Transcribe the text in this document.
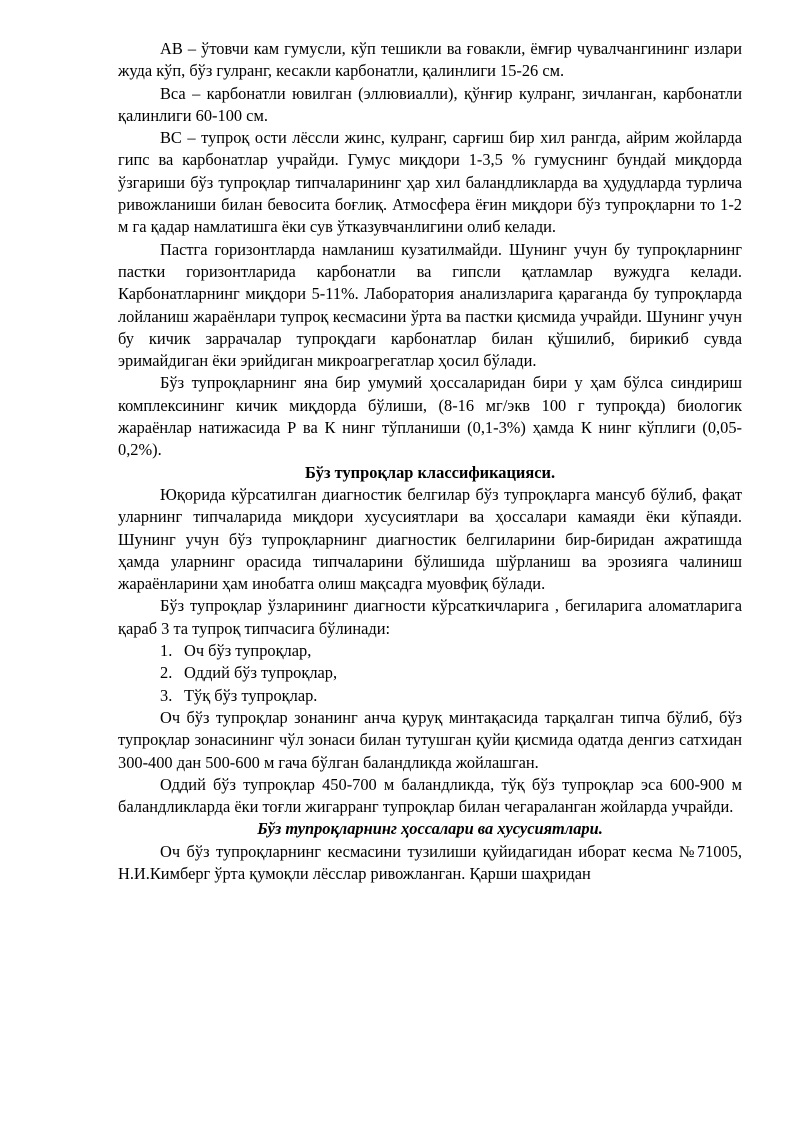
АВ – ўтовчи кам гумусли, кўп тешикли ва ғовакли, ёмғир чувалчангининг излари жуда кўп, бўз гулранг, кесакли карбонатли, қалинлиги 15-26 см.

Вса – карбонатли ювилган (эллювиалли), қўнғир кулранг, зичланган, карбонатли қалинлиги 60-100 см.

ВС – тупроқ ости лёссли жинс, кулранг, сарғиш бир хил рангда, айрим жойларда гипс ва карбонатлар учрайди. Гумус миқдори 1-3,5 % гумуснинг бундай миқдорда ўзгариши бўз тупроқлар типчаларининг ҳар хил баландликларда ва ҳудудларда турлича ривожланиши билан бевосита боғлиқ. Атмосфера ёғин миқдори бўз тупроқларни то 1-2 м га қадар намлатишга ёки сув ўтказувчанлигини олиб келади.

Пастга горизонтларда намланиш кузатилмайди. Шунинг учун бу тупроқларнинг пастки горизонтларида карбонатли ва гипсли қатламлар вужудга келади. Карбонатларнинг миқдори 5-11%. Лаборатория анализларига қараганда бу тупроқларда лойланиш жараёнлари тупроқ кесмасини ўрта ва пастки қисмида учрайди. Шунинг учун бу кичик заррачалар тупроқдаги карбонатлар билан қўшилиб, бирикиб сувда эримайдиган ёки эрийдиган микроагрегатлар ҳосил бўлади.

Бўз тупроқларнинг яна бир умумий ҳоссаларидан бири у ҳам бўлса синдириш комплексининг кичик миқдорда бўлиши, (8-16 мг/экв 100 г тупроқда) биологик жараёнлар натижасида Р ва К нинг тўпланиши (0,1-3%) ҳамда К нинг кўплиги (0,05-0,2%).

Бўз тупроқлар классификацияси.

Юқорида кўрсатилган диагностик белгилар бўз тупроқларга мансуб бўлиб, фақат уларнинг типчаларида миқдори хусусиятлари ва ҳоссалари камаяди ёки кўпаяди. Шунинг учун бўз тупроқларнинг диагностик белгиларини бир-биридан ажратишда ҳамда уларнинг орасида типчаларини бўлишида шўрланиш ва эрозияга чалиниш жараёнларини ҳам инобатга олиш мақсадга муовфиқ бўлади.

Бўз тупроқлар ўзларининг диагности кўрсаткичларига , бегиларига аломатларига қараб 3 та тупроқ типчасига бўлинади:

1. Оч бўз тупроқлар,
2. Оддий бўз тупроқлар,
3. Тўқ бўз тупроқлар.

Оч бўз тупроқлар зонанинг анча қуруқ минтақасида тарқалган типча бўлиб, бўз тупроқлар зонасининг чўл зонаси билан тутушган қуйи қисмида одатда денгиз сатхидан 300-400 дан 500-600 м гача бўлган баландликда жойлашган.

Оддий бўз тупроқлар 450-700 м баландликда, тўқ бўз тупроқлар эса 600-900 м баландликларда ёки тоғли жигарранг тупроқлар билан чегараланган жойларда учрайди.

Бўз тупроқларнинг ҳоссалари ва хусусиятлари.

Оч бўз тупроқларнинг кесмасини тузилиши қуйидагидан иборат кесма №71005, Н.И.Кимберг ўрта қумоқли лёсслар ривожланган. Қарши шаҳридан
